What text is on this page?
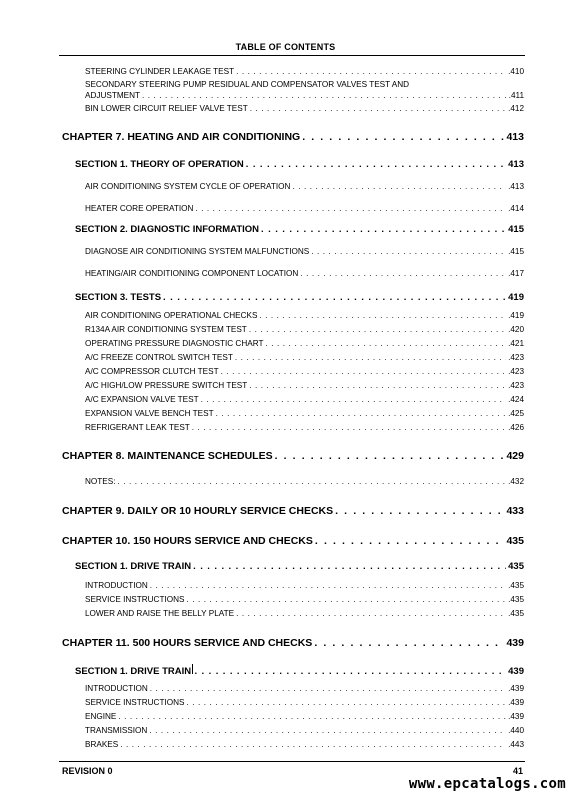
TABLE OF CONTENTS
STEERING CYLINDER LEAKAGE TEST . . .	.410
SECONDARY STEERING PUMP RESIDUAL AND COMPENSATOR VALVES TEST AND
ADJUSTMENT . . .	.411
BIN LOWER CIRCUIT RELIEF VALVE TEST . . .	.412
CHAPTER 7. HEATING AND AIR CONDITIONING . . .	413
SECTION 1. THEORY OF OPERATION . . .	413
AIR CONDITIONING SYSTEM CYCLE OF OPERATION . . .	.413
HEATER CORE OPERATION . . .	.414
SECTION 2. DIAGNOSTIC INFORMATION . . .	415
DIAGNOSE AIR CONDITIONING SYSTEM MALFUNCTIONS . . .	.415
HEATING/AIR CONDITIONING COMPONENT LOCATION . . .	.417
SECTION 3. TESTS . . .	419
AIR CONDITIONING OPERATIONAL CHECKS . . .	.419
R134A AIR CONDITIONING SYSTEM TEST . . .	.420
OPERATING PRESSURE DIAGNOSTIC CHART . . .	.421
A/C FREEZE CONTROL SWITCH TEST . . .	.423
A/C COMPRESSOR CLUTCH TEST . . .	.423
A/C HIGH/LOW PRESSURE SWITCH TEST . . .	.423
A/C EXPANSION VALVE TEST . . .	.424
EXPANSION VALVE BENCH TEST . . .	.425
REFRIGERANT LEAK TEST . . .	.426
CHAPTER 8. MAINTENANCE SCHEDULES . . .	429
NOTES: . . .	.432
CHAPTER 9. DAILY OR 10 HOURLY SERVICE CHECKS . . .	433
CHAPTER 10. 150 HOURS SERVICE AND CHECKS . . .	435
SECTION 1. DRIVE TRAIN . . .	435
INTRODUCTION . . .	.435
SERVICE INSTRUCTIONS . . .	.435
LOWER AND RAISE THE BELLY PLATE . . .	.435
CHAPTER 11. 500 HOURS SERVICE AND CHECKS . . .	439
SECTION 1. DRIVE TRAIN . . .	439
INTRODUCTION . . .	.439
SERVICE INSTRUCTIONS . . .	.439
ENGINE . . .	.439
TRANSMISSION . . .	.440
BRAKES . . .	.443
REVISION 0	41
www.epcatalogs.com
